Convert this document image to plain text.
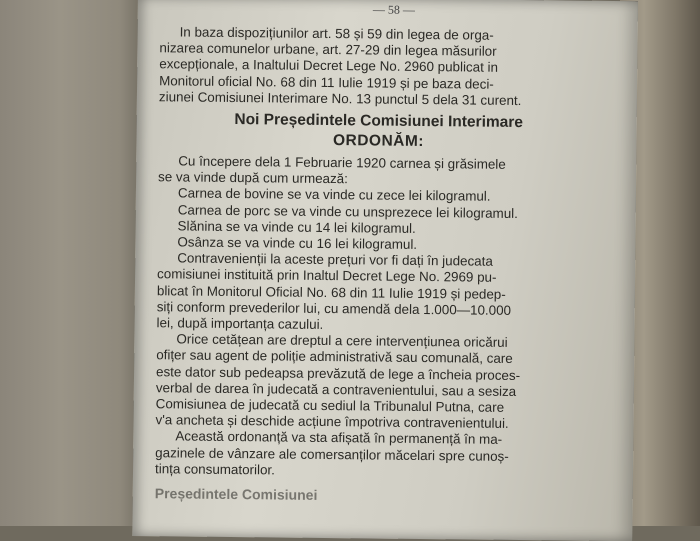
— 58 —
In baza dispozițiunilor art. 58 și 59 din legea de orga-
nizarea comunelor urbane, art. 27-29 din legea măsurilor
excepționale, a Inaltului Decret Lege No. 2960 publicat in
Monitorul oficial No. 68 din 11 Iulie 1919 și pe baza deci-
ziunei Comisiunei Interimare No. 13 punctul 5 dela 31 curent.
Noi Președintele Comisiunei Interimare
ORDONĂM:
Cu începere dela 1 Februarie 1920 carnea și grăsimele
se va vinde după cum urmează:
Carnea de bovine se va vinde cu zece lei kilogramul.
Carnea de porc se va vinde cu unsprezece lei kilogramul.
Slănina se va vinde cu 14 lei kilogramul.
Osânza se va vinde cu 16 lei kilogramul.
Contravenienții la aceste prețuri vor fi dați în judecata
comisiunei instituită prin Inaltul Decret Lege No. 2969 pu-
blicat în Monitorul Oficial No. 68 din 11 Iulie 1919 și pedep-
siți conform prevederilor lui, cu amendă dela 1.000—10.000
lei, după importanța cazului.
Orice cetățean are dreptul a cere intervențiunea oricărui
ofițer sau agent de poliție administrativă sau comunală, care
este dator sub pedeapsa prevăzută de lege a încheia proces-
verbal de darea în judecată a contravenientului, sau a sesiza
Comisiunea de judecată cu sediul la Tribunalul Putna, care
v'a ancheta și deschide acțiune împotriva contravenientului.
Această ordonanță va sta afișată în permanență în ma-
gazinele de vânzare ale comersanților măcelari spre cunoș-
tința consumatorilor.
Președintele Comisiunei
